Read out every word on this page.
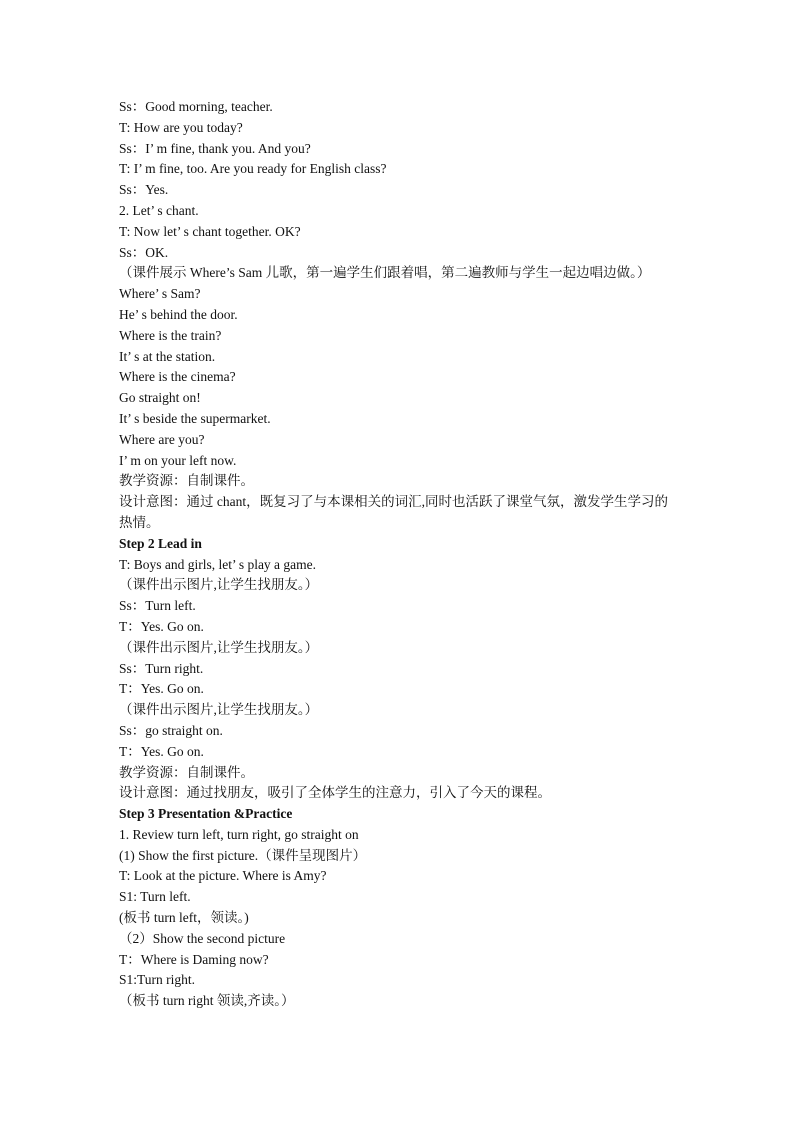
Ss：Good morning, teacher.
T: How are you today?
Ss：I’ m fine, thank you. And you?
T: I’ m fine, too. Are you ready for English class?
Ss：Yes.
2. Let’ s chant.
T: Now let’ s chant together. OK?
Ss：OK.
（课件展示 Where’s Sam 儿歌，第一遍学生们跟着唱，第二遍教师与学生一起边唱边做。）
Where’ s Sam?
He’ s behind the door.
Where is the train?
It’ s at the station.
Where is the cinema?
Go straight on!
It’ s beside the supermarket.
Where are you?
I’ m on your left now.
教学资源：自制课件。
设计意图：通过 chant，既复习了与本课相关的词汇,同时也活跃了课堂气氛，激发学生学习的热情。
Step 2 Lead in
T: Boys and girls, let’ s play a game.
（课件出示图片,让学生找朋友。）
Ss：Turn left.
T：Yes. Go on.
（课件出示图片,让学生找朋友。）
Ss：Turn right.
T：Yes. Go on.
（课件出示图片,让学生找朋友。）
Ss：go straight on.
T：Yes. Go on.
教学资源：自制课件。
设计意图：通过找朋友，吸引了全体学生的注意力，引入了今天的课程。
Step 3 Presentation &Practice
1. Review turn left, turn right, go straight on
(1) Show the first picture.（课件呈现图片）
T: Look at the picture. Where is Amy?
S1: Turn left.
(板书 turn left，领读。)
（2）Show the second picture
T：Where is Daming now?
S1:Turn right.
（板书 turn right 领读,齐读。）
